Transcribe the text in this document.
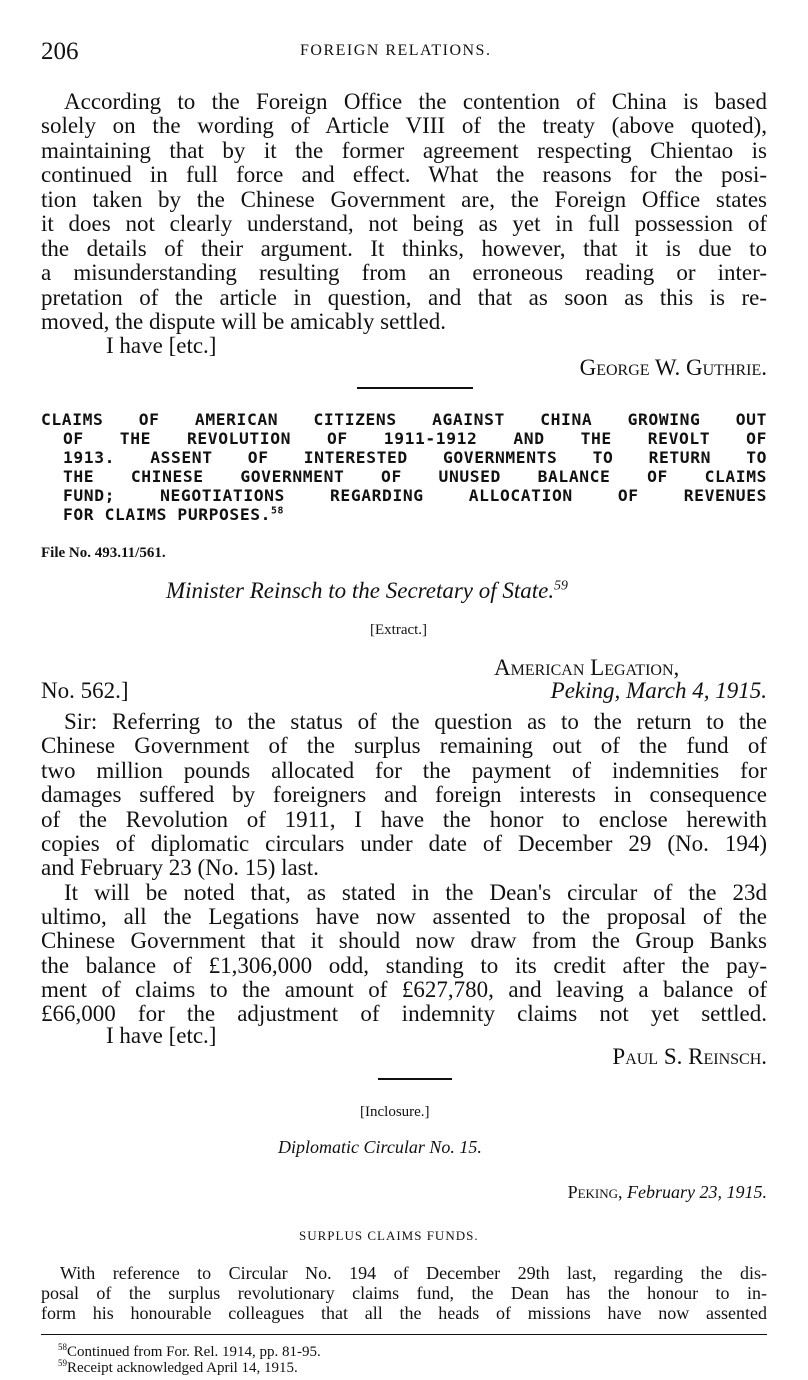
206	FOREIGN RELATIONS.
According to the Foreign Office the contention of China is based
solely on the wording of Article VIII of the treaty (above quoted),
maintaining that by it the former agreement respecting Chientao is
continued in full force and effect. What the reasons for the posi-
tion taken by the Chinese Government are, the Foreign Office states
it does not clearly understand, not being as yet in full possession of
the details of their argument. It thinks, however, that it is due to
a misunderstanding resulting from an erroneous reading or inter-
pretation of the article in question, and that as soon as this is re-
moved, the dispute will be amicably settled.
I have [etc.]
George W. Guthrie.
CLAIMS OF AMERICAN CITIZENS AGAINST CHINA GROWING OUT
OF THE REVOLUTION OF 1911-1912 AND THE REVOLT OF
1913. ASSENT OF INTERESTED GOVERNMENTS TO RETURN TO
THE CHINESE GOVERNMENT OF UNUSED BALANCE OF CLAIMS
FUND; NEGOTIATIONS REGARDING ALLOCATION OF REVENUES
FOR CLAIMS PURPOSES.$^{58}$
File No. 493.11/561.
Minister Reinsch to the Secretary of State.$^{59}$
[Extract.]
American Legation,
No. 562.]	Peking, March 4, 1915.
Sir: Referring to the status of the question as to the return to the
Chinese Government of the surplus remaining out of the fund of
two million pounds allocated for the payment of indemnities for
damages suffered by foreigners and foreign interests in consequence
of the Revolution of 1911, I have the honor to enclose herewith
copies of diplomatic circulars under date of December 29 (No. 194)
and February 23 (No. 15) last.
It will be noted that, as stated in the Dean's circular of the 23d
ultimo, all the Legations have now assented to the proposal of the
Chinese Government that it should now draw from the Group Banks
the balance of £1,306,000 odd, standing to its credit after the pay-
ment of claims to the amount of £627,780, and leaving a balance of
£66,000 for the adjustment of indemnity claims not yet settled.
I have [etc.]
Paul S. Reinsch.
[Inclosure.]
Diplomatic Circular No. 15.
Peking, February 23, 1915.
SURPLUS CLAIMS FUNDS.
With reference to Circular No. 194 of December 29th last, regarding the dis-
posal of the surplus revolutionary claims fund, the Dean has the honour to in-
form his honourable colleagues that all the heads of missions have now assented
$^{58}$Continued from For. Rel. 1914, pp. 81-95.
$^{59}$Receipt acknowledged April 14, 1915.
